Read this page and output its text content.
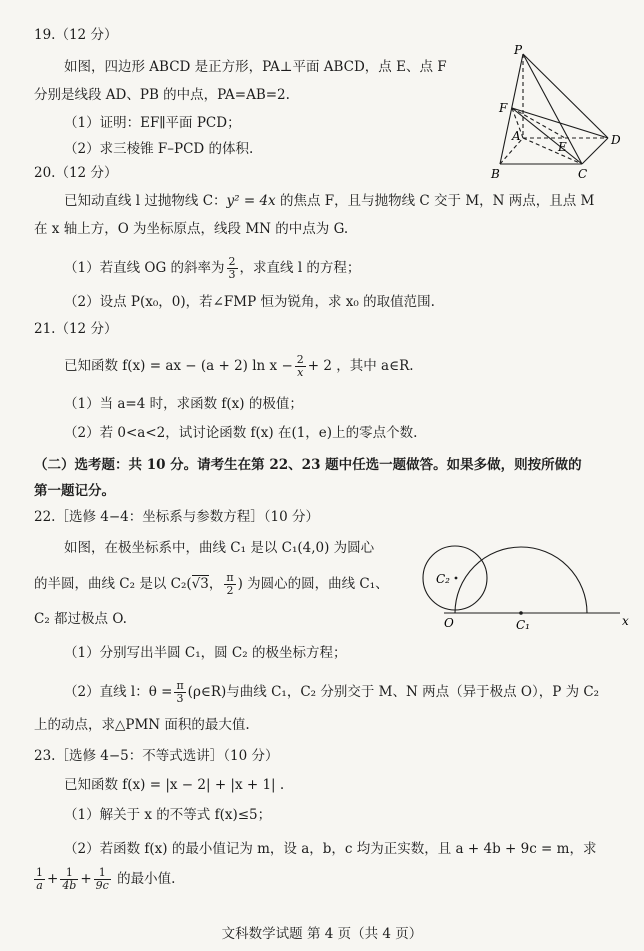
19.（12 分）
如图，四边形 ABCD 是正方形，PA⊥平面 ABCD，点 E、点 F
分别是线段 AD、PB 的中点，PA=AB=2.
（1）证明：EF∥平面 PCD；
（2）求三棱锥 F–PCD 的体积.
P
F
A
E	D
B	C
20.（12 分）
已知动直线 l 过抛物线 C：y² = 4x 的焦点 F，且与抛物线 C 交于 M，N 两点，且点 M
在 x 轴上方，O 为坐标原点，线段 MN 的中点为 G.
（1）若直线 OG 的斜率为 $\frac{2}{3}$ ，求直线 l 的方程；
（2）设点 P(x₀，0)，若∠FMP 恒为锐角，求 x₀ 的取值范围.
21.（12 分）
已知函数 f(x) = ax − (a + 2) $\ln x - \frac{2}{x} + 2$ ，其中 a∈R.
（1）当 a=4 时，求函数 f(x) 的极值；
（2）若 0<a<2，试讨论函数 f(x) 在(1，e)上的零点个数.
（二）选考题：共 10 分。请考生在第 22、23 题中任选一题做答。如果多做，则按所做的
第一题记分。
22.［选修 4−4：坐标系与参数方程］（10 分）
如图，在极坐标系中，曲线 C₁ 是以 C₁(4,0) 为圆心
的半圆，曲线 C₂ 是以 C₂(√3， $\frac{\pi}{2}$ ) 为圆心的圆，曲线 C₁、
C₂ 都过极点 O.
（1）分别写出半圆 C₁，圆 C₂ 的极坐标方程；
（2）直线 l：$\theta = \frac{\pi}{3}$ (ρ∈R)与曲线 C₁，C₂ 分别交于 M、N 两点（异于极点 O），P 为 C₂
上的动点，求△PMN 面积的最大值.
C₂
O	C₁	x
23.［选修 4−5：不等式选讲］（10 分）
已知函数 f(x) = |x − 2| + |x + 1| .
（1）解关于 x 的不等式 f(x)≤5；
（2）若函数 f(x) 的最小值记为 m，设 a，b，c 均为正实数，且 a + 4b + 9c = m，求
$\frac{1}{a} + \frac{1}{4b} + \frac{1}{9c}$ 的最小值.
文科数学试题 第 4 页（共 4 页）
